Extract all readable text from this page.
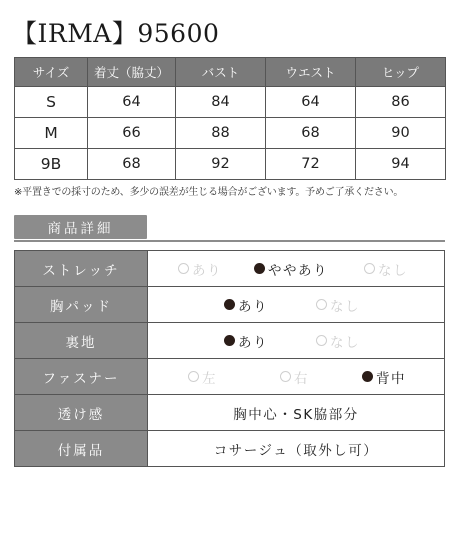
【IRMA】95600
サイズ	着丈（脇丈）	バスト	ウエスト	ヒップ
S	64	84	64	86
M	66	88	68	90
9B	68	92	72	94
※平置きでの採寸のため、多少の誤差が生じる場合がございます。予めご了承ください。
商品詳細
ストレッチ	あり ややあり なし

胸パッド	あり なし

裏地	あり なし

ファスナー	左 右 背中

透け感	胸中心・SK脇部分
付属品	コサージュ（取外し可）
